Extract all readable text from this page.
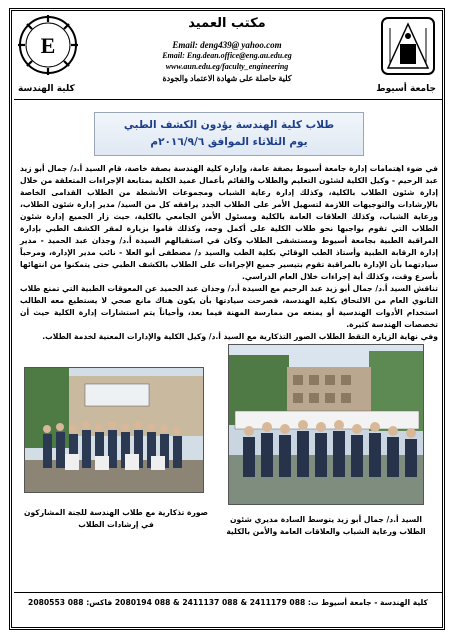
E
مكتب العميد
Email: deng439@ yahoo.com
Email: Eng.dean.office@eng.au.edu.eg
www.aun.edu.eg/faculty_engineering
كلية حاصلة على شهادة الاعتماد والجودة
كلية الهندسة	جامعة أسيوط
طلاب كلية الهندسة يؤدون الكشف الطبي
يوم الثلاثاء الموافق ٢٠١٦/٩/٦م

في ضوء اهتمامات إدارة جامعة أسيوط بصفة عامة، وإدارة كلية الهندسة بصفة خاصة، قام السيد أ.د/ جمال أبو زيد عبد الرحيم - وكيل الكلية لشئون التعليم والطلاب والقائم بأعمال عميد الكلية بمتابعة الإجراءات المتعلقة من خلال إدارة شئون الطلاب بالكلية، وكذلك إدارة رعاية الشباب ومجموعات الأنشطة من الطلاب القدامى الخاصة بالإرشادات والتوجيهات اللازمة لتسهيل الأمر على الطلاب الجدد يرافقه كل من السيد/ مدير إدارة شئون الطلاب، ورعاية الشباب، وكذلك العلاقات العامة بالكلية ومسئول الأمن الجامعي بالكلية، حيث زار الجميع إدارة شئون الطلاب التي تقوم بواجبها نحو طلاب الكلية على أكمل وجه، وكذلك قاموا بزيارة لمقر الكشف الطبي بإدارة المراقبة الطبية بجامعة أسيوط ومستشفى الطلاب وكان في استقبالهم السيدة أ.د/ وجدان عبد الحميد - مدير إدارة الرقابة الطبية وأستاذ الطب الوقائي بكلية الطب والسيد د/ مصطفى أبو العلا - نائب مدير الإدارة، ومرحباً سيادتهما بأن الإدارة بالمراقبة تقوم بتيسير جميع الإجراءات على الطلاب بالكشف الطبي حتى يتمكنوا من انتهائها بأسرع وقت، وكذلك أية إجراءات خلال العام الدراسي.

تناقش السيد أ.د/ جمال أبو زيد عبد الرحيم مع السيدة أ.د/ وجدان عبد الحميد عن المعوقات الطبية التي تمنع طلاب الثانوي العام من الالتحاق بكلية الهندسة، فصرحت سيادتها بأن يكون هناك مانع صحي لا يستطيع معه الطالب استخدام الأدوات الهندسية أو يمنعه من ممارسة المهنة فيما بعد، وأحياناً يتم استشارات إدارة الكلية حيث أن تخصصات الهندسة كثيرة.

وفي نهاية الزيارة التقط الطلاب الصور التذكارية مع السيد أ.د/ وكيل الكلية والإدارات المعنية لخدمة الطلاب.

السيد أ.د/ جمال أبو زيد يتوسط السادة مديري شئون الطلاب ورعاية الشباب والعلاقات العامة والأمن بالكلية
صورة تذكارية مع طلاب الهندسة للجنة المشاركون في إرشادات الطلاب
كلية الهندسة - جامعة أسيوط ت: 088 2411179 & 088 2411137 & 088 2080194 فاكس: 088 2080553
